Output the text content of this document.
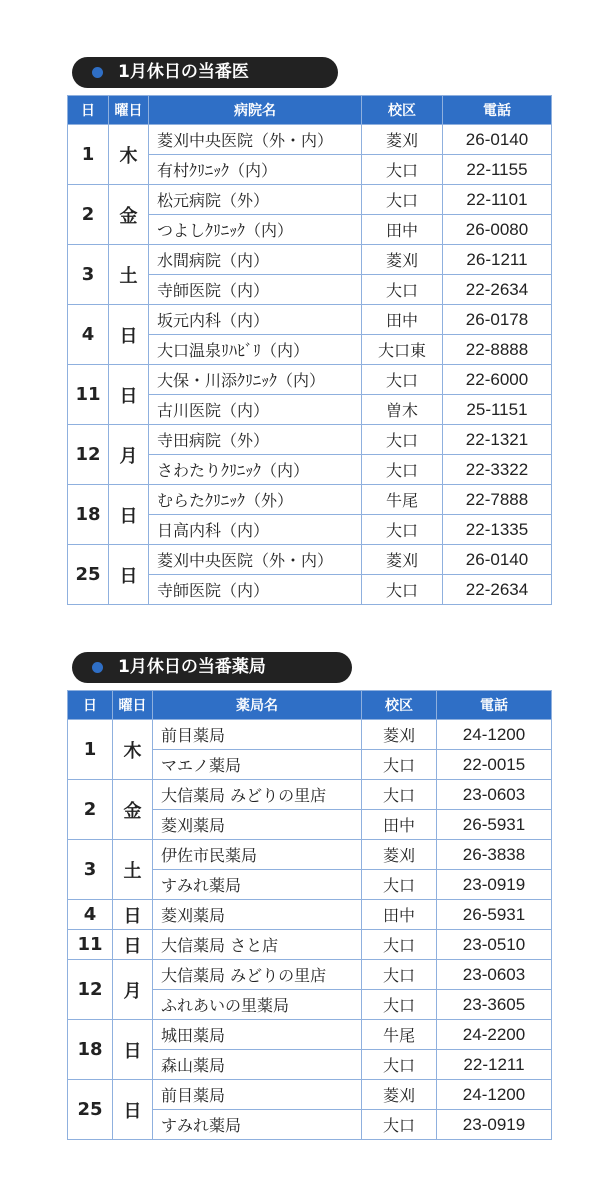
1月休日の当番医
日	曜日	病院名	校区	電話
1	木	菱刈中央医院（外・内）	菱刈	26-0140
		有村ｸﾘﾆｯｸ（内）	大口	22-1155
2	金	松元病院（外）	大口	22-1101
		つよしｸﾘﾆｯｸ（内）	田中	26-0080
3	土	水間病院（内）	菱刈	26-1211
		寺師医院（内）	大口	22-2634
4	日	坂元内科（内）	田中	26-0178
		大口温泉ﾘﾊﾋﾞﾘ（内）	大口東	22-8888
11	日	大保・川添ｸﾘﾆｯｸ（内）	大口	22-6000
		古川医院（内）	曽木	25-1151
12	月	寺田病院（外）	大口	22-1321
		さわたりｸﾘﾆｯｸ（内）	大口	22-3322
18	日	むらたｸﾘﾆｯｸ（外）	牛尾	22-7888
		日高内科（内）	大口	22-1335
25	日	菱刈中央医院（外・内）	菱刈	26-0140
		寺師医院（内）	大口	22-2634
1月休日の当番薬局
日	曜日	薬局名	校区	電話
1	木	前目薬局	菱刈	24-1200
		マエノ薬局	大口	22-0015
2	金	大信薬局 みどりの里店	大口	23-0603
		菱刈薬局	田中	26-5931
3	土	伊佐市民薬局	菱刈	26-3838
		すみれ薬局	大口	23-0919
4	日	菱刈薬局	田中	26-5931
11	日	大信薬局 さと店	大口	23-0510
12	月	大信薬局 みどりの里店	大口	23-0603
		ふれあいの里薬局	大口	23-3605
18	日	城田薬局	牛尾	24-2200
		森山薬局	大口	22-1211
25	日	前目薬局	菱刈	24-1200
		すみれ薬局	大口	23-0919
